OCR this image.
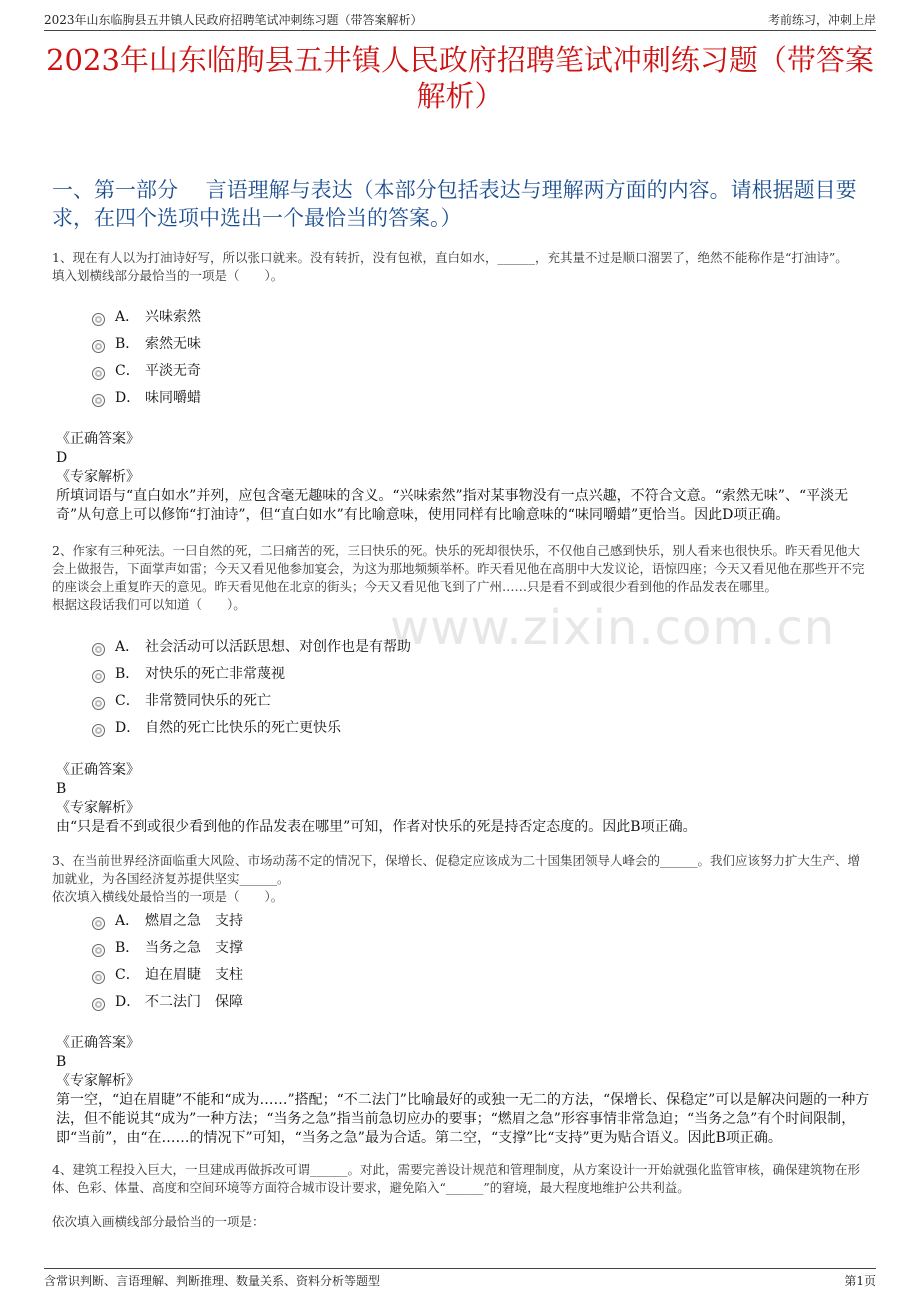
2023年山东临朐县五井镇人民政府招聘笔试冲刺练习题（带答案解析）	考前练习，冲刺上岸
2023年山东临朐县五井镇人民政府招聘笔试冲刺练习题（带答案解析）
一、第一部分　 言语理解与表达（本部分包括表达与理解两方面的内容。请根据题目要求，在四个选项中选出一个最恰当的答案。）
www.zixin.com.cn

1、现在有人以为打油诗好写，所以张口就来。没有转折，没有包袱，直白如水，______，充其量不过是顺口溜罢了，绝然不能称作是“打油诗”。

填入划横线部分最恰当的一项是（　　）。

A． 兴味索然
B． 索然无味
C． 平淡无奇
D． 味同嚼蜡

《正确答案》

D

《专家解析》

所填词语与“直白如水”并列，应包含毫无趣味的含义。“兴味索然”指对某事物没有一点兴趣，不符合文意。“索然无味”、“平淡无奇”从句意上可以修饰“打油诗”，但“直白如水”有比喻意味，使用同样有比喻意味的“味同嚼蜡”更恰当。因此D项正确。

2、作家有三种死法。一曰自然的死，二曰痛苦的死，三曰快乐的死。快乐的死却很快乐，不仅他自己感到快乐，别人看来也很快乐。昨天看见他大会上做报告，下面掌声如雷；今天又看见他参加宴会，为这为那地频频举杯。昨天看见他在高朋中大发议论，语惊四座；今天又看见他在那些开不完的座谈会上重复昨天的意见。昨天看见他在北京的街头；今天又看见他飞到了广州……只是看不到或很少看到他的作品发表在哪里。

根据这段话我们可以知道（　　）。

A． 社会活动可以活跃思想、对创作也是有帮助
B． 对快乐的死亡非常蔑视
C． 非常赞同快乐的死亡
D． 自然的死亡比快乐的死亡更快乐

《正确答案》

B

《专家解析》

由“只是看不到或很少看到他的作品发表在哪里”可知，作者对快乐的死是持否定态度的。因此B项正确。

3、在当前世界经济面临重大风险、市场动荡不定的情况下，保增长、促稳定应该成为二十国集团领导人峰会的______。我们应该努力扩大生产、增加就业，为各国经济复苏提供坚实______。

依次填入横线处最恰当的一项是（　　）。

A． 燃眉之急　支持
B． 当务之急　支撑
C． 迫在眉睫　支柱
D． 不二法门　保障

《正确答案》

B

《专家解析》

第一空，“迫在眉睫”不能和“成为……”搭配；“不二法门”比喻最好的或独一无二的方法，“保增长、保稳定”可以是解决问题的一种方法，但不能说其“成为”一种方法；“当务之急”指当前急切应办的要事；“燃眉之急”形容事情非常急迫；“当务之急”有个时间限制，即“当前”，由“在……的情况下”可知，“当务之急”最为合适。第二空，“支撑”比“支持”更为贴合语义。因此B项正确。

4、建筑工程投入巨大，一旦建成再做拆改可谓______。对此，需要完善设计规范和管理制度，从方案设计一开始就强化监管审核，确保建筑物在形体、色彩、体量、高度和空间环境等方面符合城市设计要求，避免陷入“______”的窘境，最大程度地维护公共利益。

依次填入画横线部分最恰当的一项是：
含常识判断、言语理解、判断推理、数量关系、资料分析等题型	第1页
